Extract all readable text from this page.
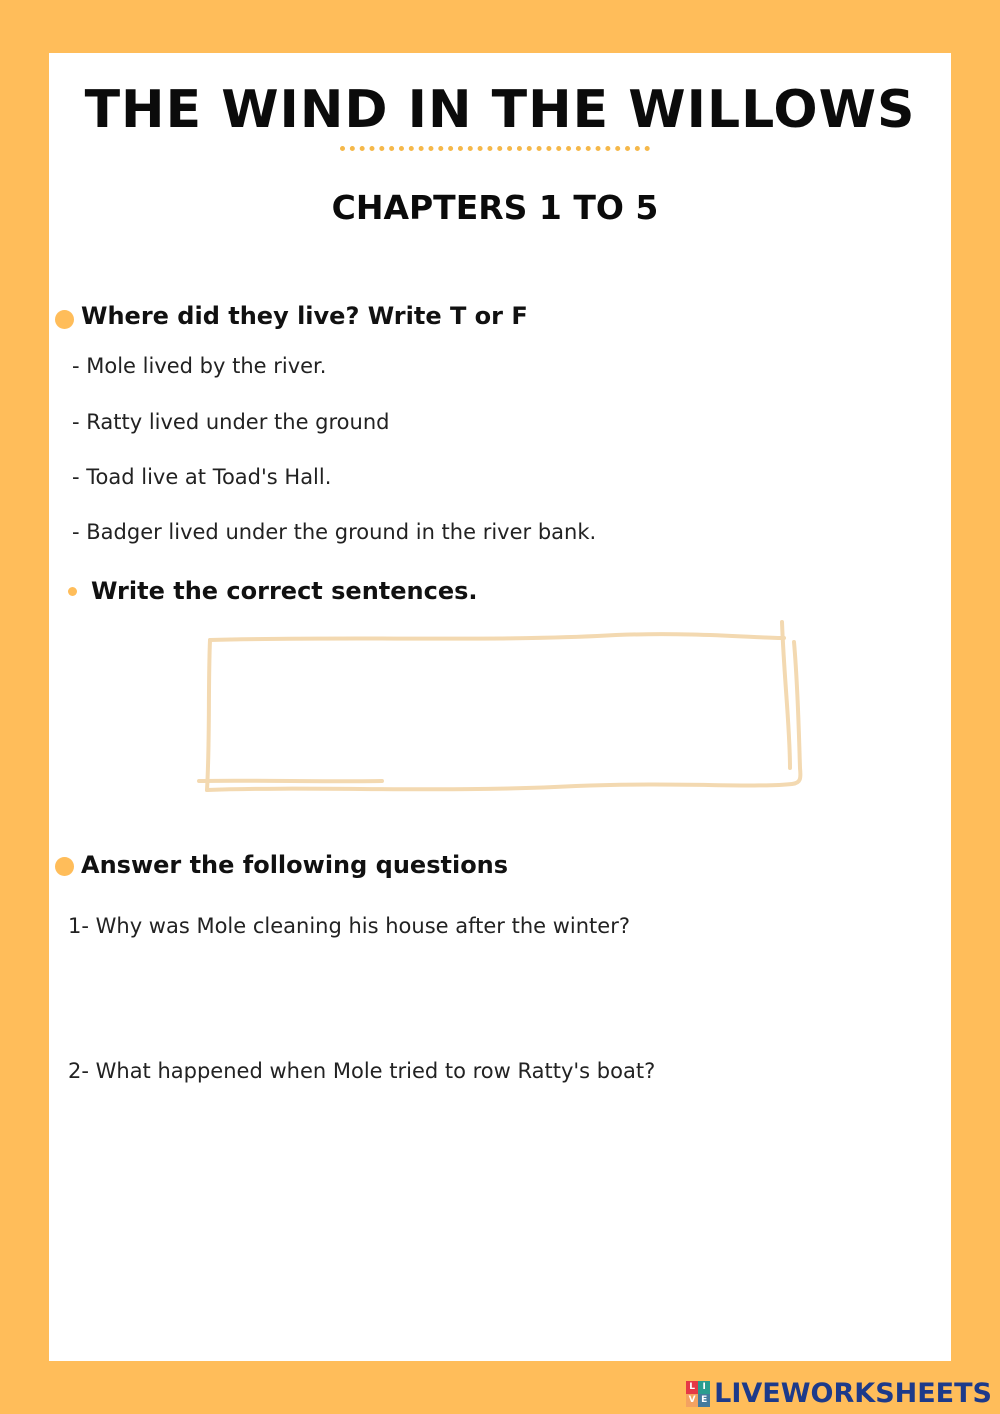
THE WIND IN THE WILLOWS
CHAPTERS 1 TO 5
Where did they live? Write T or F
- Mole lived by the river.
- Ratty lived under the ground
- Toad live at Toad's Hall.
- Badger lived under the ground in the river bank.
Write the correct sentences.
Answer the following questions
1- Why was Mole cleaning his house after the winter?
2- What happened when Mole tried to row Ratty's boat?
L I
V E LIVEWORKSHEETS
